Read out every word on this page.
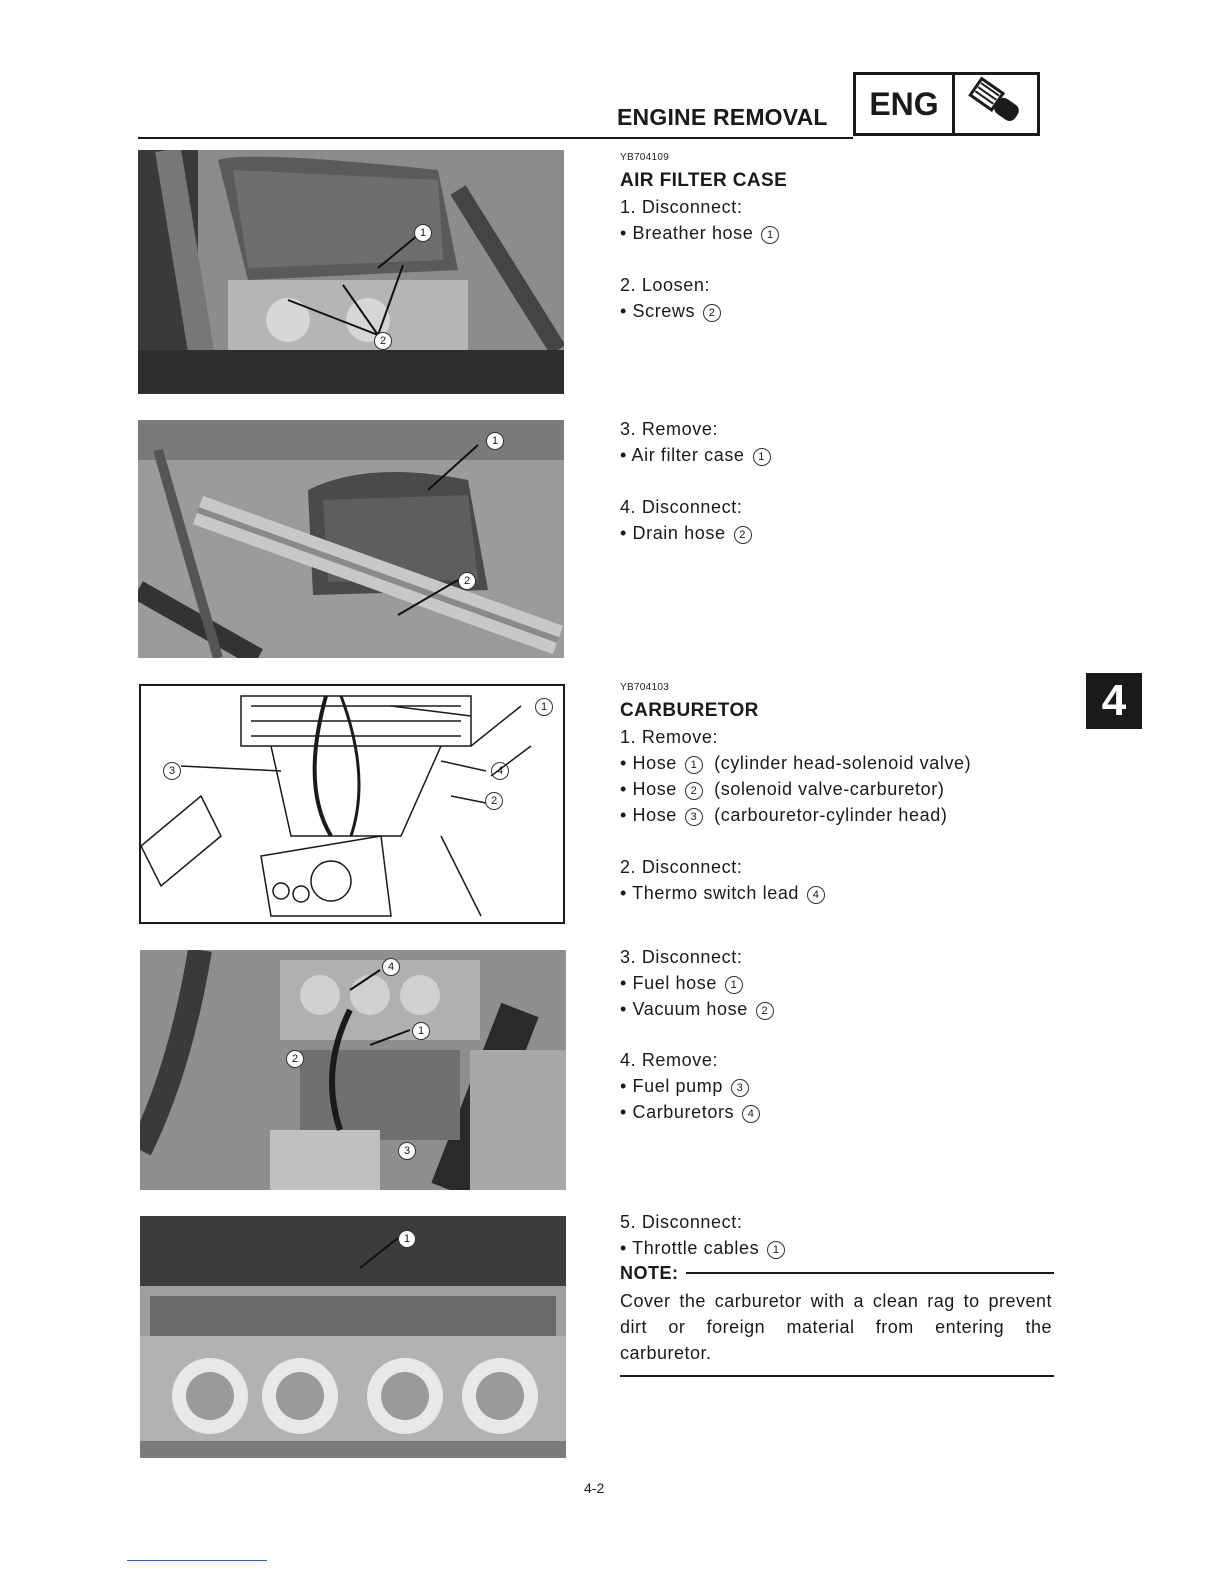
ENGINE REMOVAL	ENG
4
1
2
1
2
1
2
3	4
4
1
2
3
1
YB704109
AIR FILTER CASE
1. Disconnect:
• Breather hose 1
2. Loosen:
• Screws 2
3. Remove:
• Air filter case 1
4. Disconnect:
• Drain hose 2
YB704103
CARBURETOR
1. Remove:
• Hose 1 (cylinder head-solenoid valve)
• Hose 2 (solenoid valve-carburetor)
• Hose 3 (carbouretor-cylinder head)
2. Disconnect:
• Thermo switch lead 4
3. Disconnect:
• Fuel hose 1
• Vacuum hose 2
4. Remove:
• Fuel pump 3
• Carburetors 4
5. Disconnect:
• Throttle cables 1
NOTE:
Cover the carburetor with a clean rag to prevent dirt or foreign material from entering the carburetor.
4-2
